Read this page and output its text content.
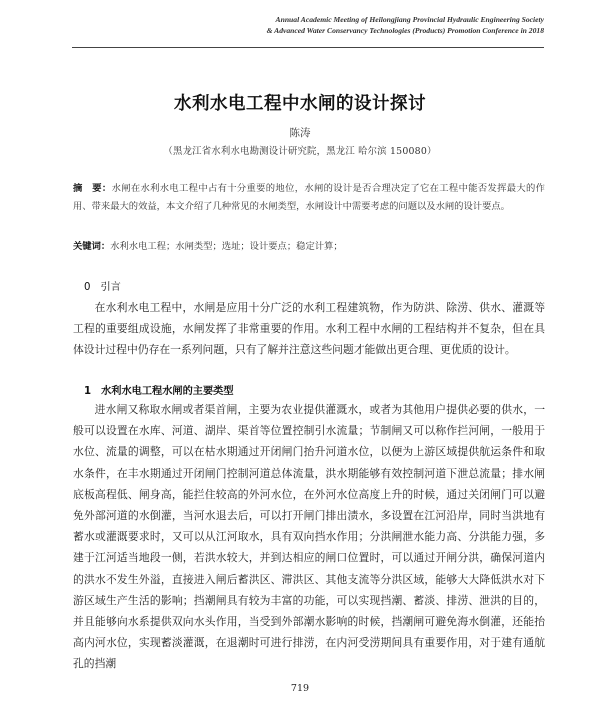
Annual Academic Meeting of Heilongjiang Provincial Hydraulic Engineering Society
& Advanced Water Conservancy Technologies (Products) Promotion Conference in 2018
水利水电工程中水闸的设计探讨
陈涛
（黑龙江省水利水电勘测设计研究院，黑龙江 哈尔滨 150080）
摘　要：水闸在水利水电工程中占有十分重要的地位，水闸的设计是否合理决定了它在工程中能否发挥最大的作用、带来最大的效益，本文介绍了几种常见的水闸类型，水闸设计中需要考虑的问题以及水闸的设计要点。
关键词：水利水电工程；水闸类型；选址；设计要点；稳定计算；
0 引言

在水利水电工程中，水闸是应用十分广泛的水利工程建筑物，作为防洪、除涝、供水、灌溉等工程的重要组成设施，水闸发挥了非常重要的作用。水利工程中水闸的工程结构并不复杂，但在具体设计过程中仍存在一系列问题，只有了解并注意这些问题才能做出更合理、更优质的设计。

1 水利水电工程水闸的主要类型

进水闸又称取水闸或者渠首闸，主要为农业提供灌溉水，或者为其他用户提供必要的供水，一般可以设置在水库、河道、湖岸、渠首等位置控制引水流量；节制闸又可以称作拦河闸，一般用于水位、流量的调整，可以在枯水期通过开闭闸门抬升河道水位，以便为上游区域提供航运条件和取水条件，在丰水期通过开闭闸门控制河道总体流量，洪水期能够有效控制河道下泄总流量；排水闸底板高程低、闸身高，能拦住较高的外河水位，在外河水位高度上升的时候，通过关闭闸门可以避免外部河道的水倒灌，当河水退去后，可以打开闸门排出渍水，多设置在江河沿岸，同时当洪地有蓄水或灌溉要求时，又可以从江河取水，具有双向挡水作用；分洪闸泄水能力高、分洪能力强，多建于江河适当地段一侧，若洪水较大，并到达相应的闸口位置时，可以通过开闸分洪，确保河道内的洪水不发生外溢，直接进入闸后蓄洪区、滞洪区、其他支流等分洪区域，能够大大降低洪水对下游区域生产生活的影响；挡潮闸具有较为丰富的功能，可以实现挡潮、蓄淡、排涝、泄洪的目的，并且能够向水系提供双向水头作用，当受到外部潮水影响的时候，挡潮闸可避免海水倒灌，还能抬高内河水位，实现蓄淡灌溉，在退潮时可进行排涝，在内河受涝期间具有重要作用，对于建有通航孔的挡潮

719
